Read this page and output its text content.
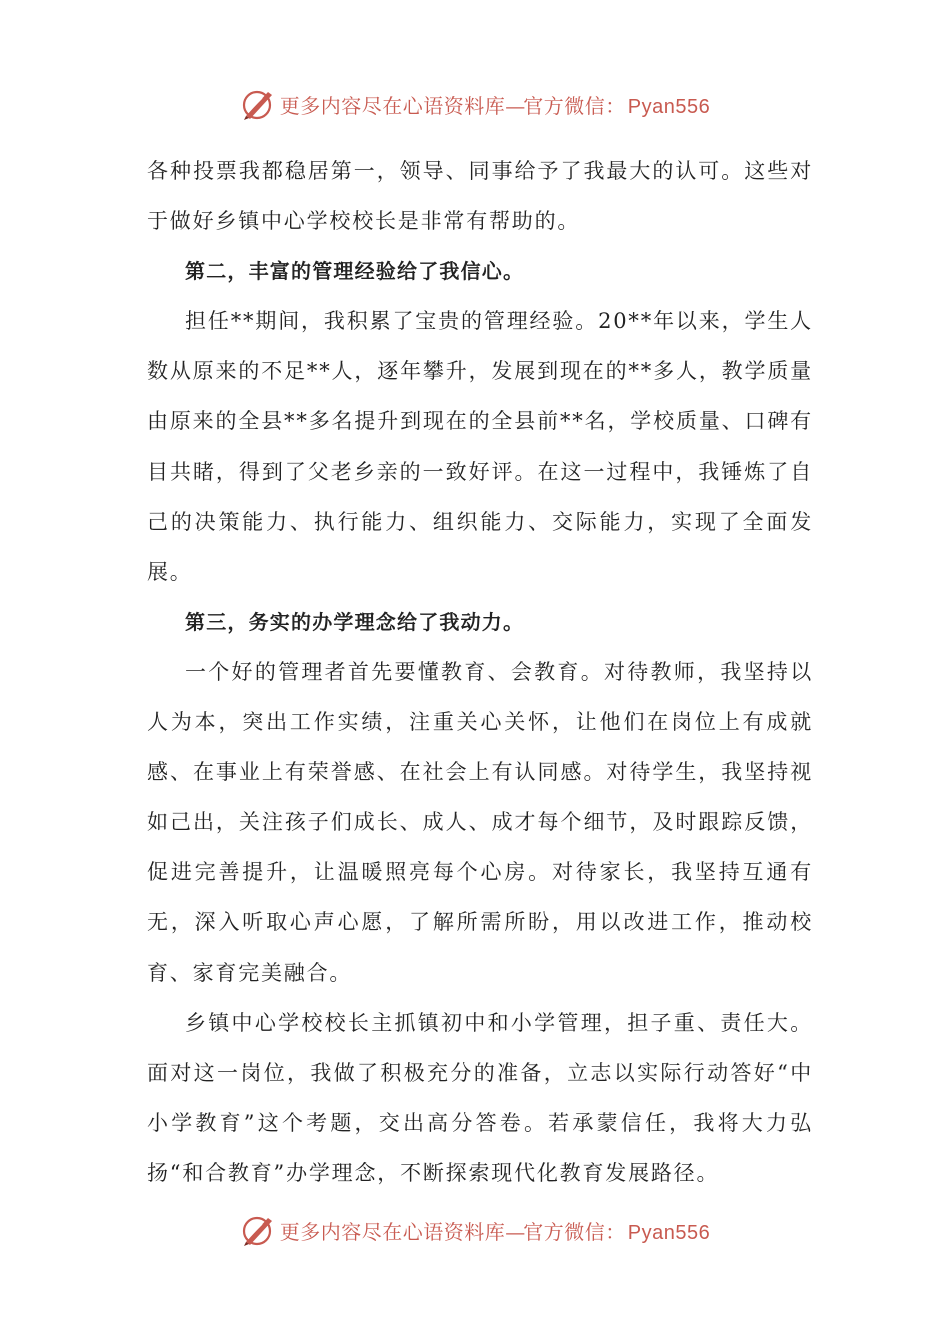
更多内容尽在心语资料库—官方微信： Pyan556

各种投票我都稳居第一，领导、同事给予了我最大的认可。这些对于做好乡镇中心学校校长是非常有帮助的。

第二，丰富的管理经验给了我信心。

担任**期间，我积累了宝贵的管理经验。20**年以来，学生人数从原来的不足**人，逐年攀升，发展到现在的**多人，教学质量由原来的全县**多名提升到现在的全县前**名，学校质量、口碑有目共睹，得到了父老乡亲的一致好评。在这一过程中，我锤炼了自己的决策能力、执行能力、组织能力、交际能力，实现了全面发展。

第三，务实的办学理念给了我动力。

一个好的管理者首先要懂教育、会教育。对待教师，我坚持以人为本，突出工作实绩，注重关心关怀，让他们在岗位上有成就感、在事业上有荣誉感、在社会上有认同感。对待学生，我坚持视如己出，关注孩子们成长、成人、成才每个细节，及时跟踪反馈，促进完善提升，让温暖照亮每个心房。对待家长，我坚持互通有无，深入听取心声心愿，了解所需所盼，用以改进工作，推动校育、家育完美融合。

乡镇中心学校校长主抓镇初中和小学管理，担子重、责任大。面对这一岗位，我做了积极充分的准备，立志以实际行动答好“中小学教育”这个考题，交出高分答卷。若承蒙信任，我将大力弘扬“和合教育”办学理念，不断探索现代化教育发展路径。

更多内容尽在心语资料库—官方微信： Pyan556
